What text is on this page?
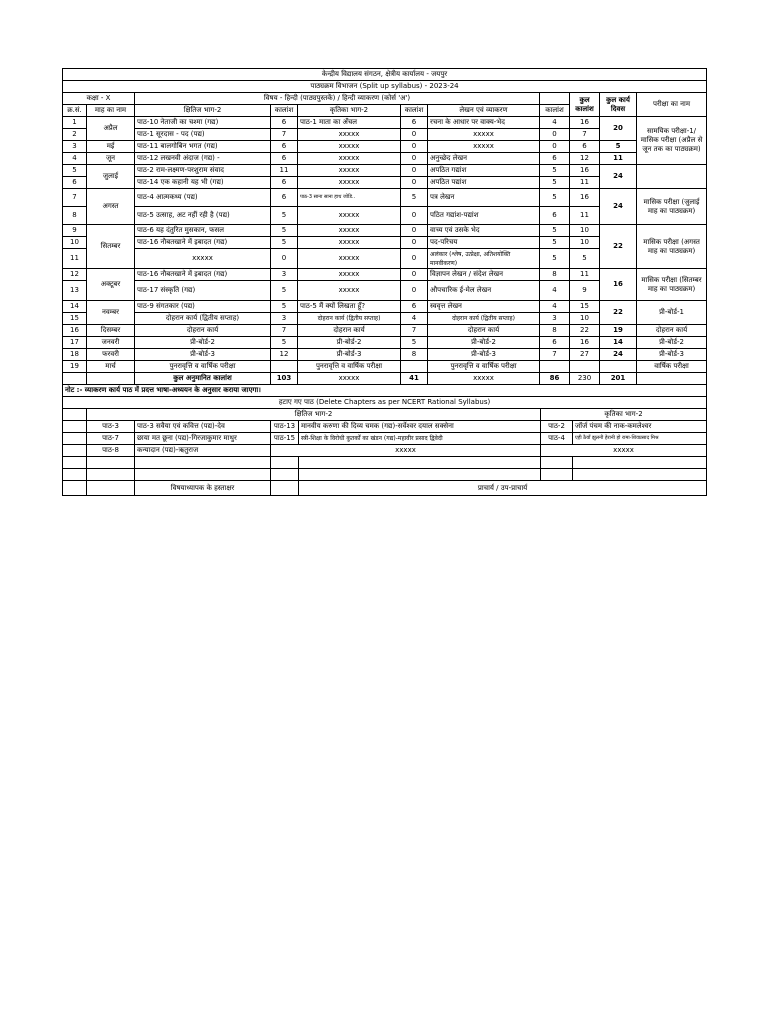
केन्द्रीय विद्यालय संगठन, क्षेत्रीय कार्यालय - जयपुर										
पाठ्यक्रम विभाजन (Split up syllabus) - 2023-24										
कक्षा - X		विषय - हिन्दी (पाठ्यपुस्तकें) / हिन्दी व्याकरण (कोर्स 'अ')						कुल कालांश	कुल कार्य दिवस	परीक्षा का नाम
क्र.सं.	माह का नाम	क्षितिज भाग-2	कालांश	कृतिका भाग-2	कालांश	लेखन एवं व्याकरण	कालांश			
1	अप्रैल	पाठ-10 नेताजी का चश्मा (गद्य)	6	पाठ-1 माता का अँचल	6	रचना के आधार पर वाक्य-भेद	4	16	20	सामयिक परीक्षा-1/मासिक परीक्षा (अप्रैल से जून तक का पाठ्यक्रम)
2		पाठ-1 सूरदास - पद (पद्य)	7	xxxxx	0	xxxxx	0	7		
3	मई	पाठ-11 बालगोबिन भगत (गद्य)	6	xxxxx	0	xxxxx	0	6	5	
4	जून	पाठ-12 लखनवी अंदाज (गद्य) -	6	xxxxx	0	अनुच्छेद लेखन	6	12	11	
5	जुलाई	पाठ-2 राम-लक्ष्मण-परशुराम संवाद	11	xxxxx	0	अपठित गद्यांश	5	16	24	
6		पाठ-14 एक कहानी यह भी (गद्य)	6	xxxxx	0	अपठित पद्यांश	5	11		
7	अगस्त	पाठ-4 आत्मकथ्य (पद्य)	6	पाठ-3 साना साना हाथ जोडि..	5	पत्र लेखन	5	16	24	मासिक परीक्षा (जुलाई माह का पाठ्यक्रम)
8		पाठ-5 उत्साह, अट नहीं रही है (पद्य)	5	xxxxx	0	पठित गद्यांश-पद्यांश	6	11		
9	सितम्बर	पाठ-6 यह दंतुरित मुसकान, फसल	5	xxxxx	0	वाच्य एवं उसके भेद	5	10	22	मासिक परीक्षा (अगस्त माह का पाठ्यक्रम)
10		पाठ-16 नौबतखाने में इबादत (गद्य)	5	xxxxx	0	पद-परिचय	5	10		
11		xxxxx	0	xxxxx	0	अलंकार (श्लेष, उत्प्रेक्षा, अतिशयोक्ति मानवीकरण)	5	5		
12	अक्टूबर	पाठ-16 नौबतखाने में इबादत (गद्य)	3	xxxxx	0	विज्ञापन लेखन / संदेश लेखन	8	11	16	मासिक परीक्षा (सितम्बर माह का पाठ्यक्रम)
13		पाठ-17 संस्कृति (गद्य)	5	xxxxx	0	औपचारिक ई-मेल लेखन	4	9		
14	नवम्बर	पाठ-9 संगतकार (पद्य)	5	पाठ-5 मैं क्यों लिखता हूँ?	6	स्ववृत्त लेखन	4	15	22	प्री-बोर्ड-1
15		दोहरान कार्य (द्वितीय सप्ताह)	3	दोहरान कार्य (द्वितीय सप्ताह)	4	दोहरान कार्य (द्वितीय सप्ताह)	3	10		
16	दिसम्बर	दोहरान कार्य	7	दोहरान कार्य	7	दोहरान कार्य	8	22	19	दोहरान कार्य
17	जनवरी	प्री-बोर्ड-2	5	प्री-बोर्ड-2	5	प्री-बोर्ड-2	6	16	14	प्री-बोर्ड-2
18	फरवरी	प्री-बोर्ड-3	12	प्री-बोर्ड-3	8	प्री-बोर्ड-3	7	27	24	प्री-बोर्ड-3
19	मार्च	पुनरावृत्ति व वार्षिक परीक्षा		पुनरावृत्ति व वार्षिक परीक्षा		पुनरावृत्ति व वार्षिक परीक्षा				वार्षिक परीक्षा
		कुल अनुमानित कालांश	103	xxxxx	41	xxxxx	86	230	201	
नोट :- व्याकरण कार्य पाठ में प्रदत्त भाषा-अध्ययन के अनुसार कराया जाएगा।										
हटाए गए पाठ (Delete Chapters as per NCERT Rational Syllabus)						
	क्षितिज भाग-2				कृतिका भाग-2	
	पाठ-3	पाठ-3 सवैया एवं कवित्त (पद्य)-देव	पाठ-13	मानवीय करुणा की दिव्य चमक (गद्य)-सर्वेश्वर दयाल सक्सेना	पाठ-2	जॉर्ज पंचम की नाक-कमलेश्वर
	पाठ-7	छाया मत छूना (पद्य)-गिरजाकुमार माथुर	पाठ-15	स्त्री-शिक्षा के विरोधी कुतर्कों का खंडन (गद्य)-महावीर प्रसाद द्विवेदी	पाठ-4	एही ठैयाँ झुलनी हेरानी हो रामा-शिवप्रसाद मिश्र
	पाठ-8	कन्यादान (पद्य)-ऋतुराज	xxxxx		xxxxx	

		विषयाध्यापक के हस्ताक्षर		प्राचार्य / उप-प्राचार्य		
